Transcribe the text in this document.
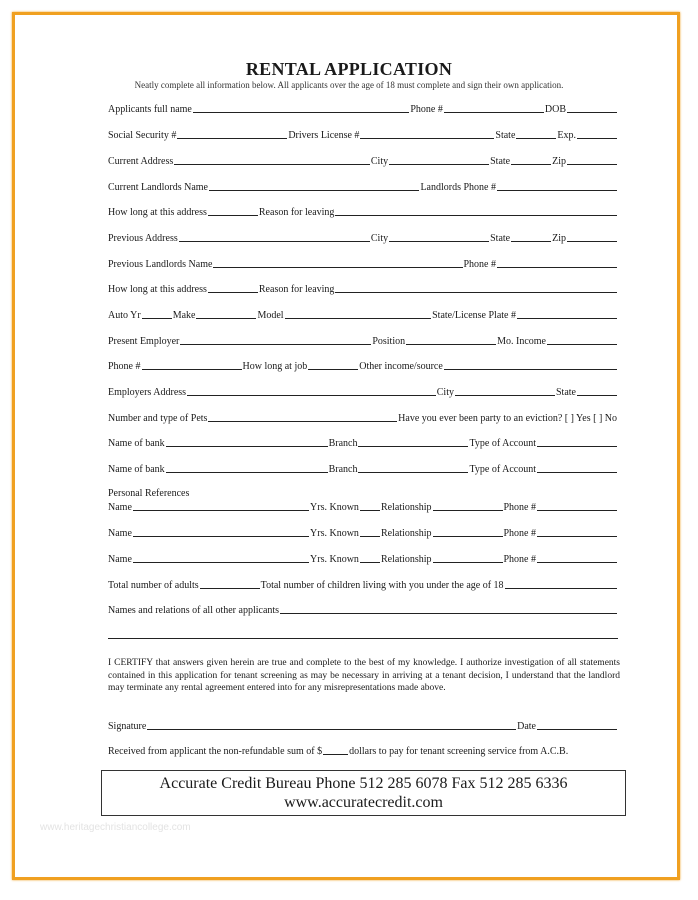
RENTAL APPLICATION
Neatly complete all information below. All applicants over the age of 18 must complete and sign their own application.
Applicants full name	Phone #	DOB
Social Security #	Drivers License #	State	Exp.
Current Address	City	State	Zip
Current Landlords Name	Landlords Phone #
How long at this address	Reason for leaving
Previous Address	City	State	Zip
Previous Landlords Name	Phone #
How long at this address	Reason for leaving
Auto Yr	Make	Model	State/License Plate #
Present Employer	Position	Mo. Income
Phone #	How long at job	Other income/source
Employers Address	City	State
Number and type of Pets	Have you ever been party to an eviction? [ ] Yes [ ] No
Name of bank	Branch	Type of Account
Name of bank	Branch	Type of Account
Personal References
Name	Yrs. Known Relationship	Phone #
Name	Yrs. Known Relationship	Phone #
Name	Yrs. Known Relationship	Phone #
Total number of adults	Total number of children living with you under the age of 18
Names and relations of all other applicants
I CERTIFY that answers given herein are true and complete to the best of my knowledge. I authorize investigation of all statements contained in this application for tenant screening as may be necessary in arriving at a tenant decision, I understand that the landlord may terminate any rental agreement entered into for any misrepresentations made above.
Signature	Date
Received from applicant the non-refundable sum of $	dollars to pay for tenant screening service from A.C.B.
Accurate Credit Bureau Phone 512 285 6078 Fax 512 285 6336
www.accuratecredit.com
www.heritagechristiancollege.com
